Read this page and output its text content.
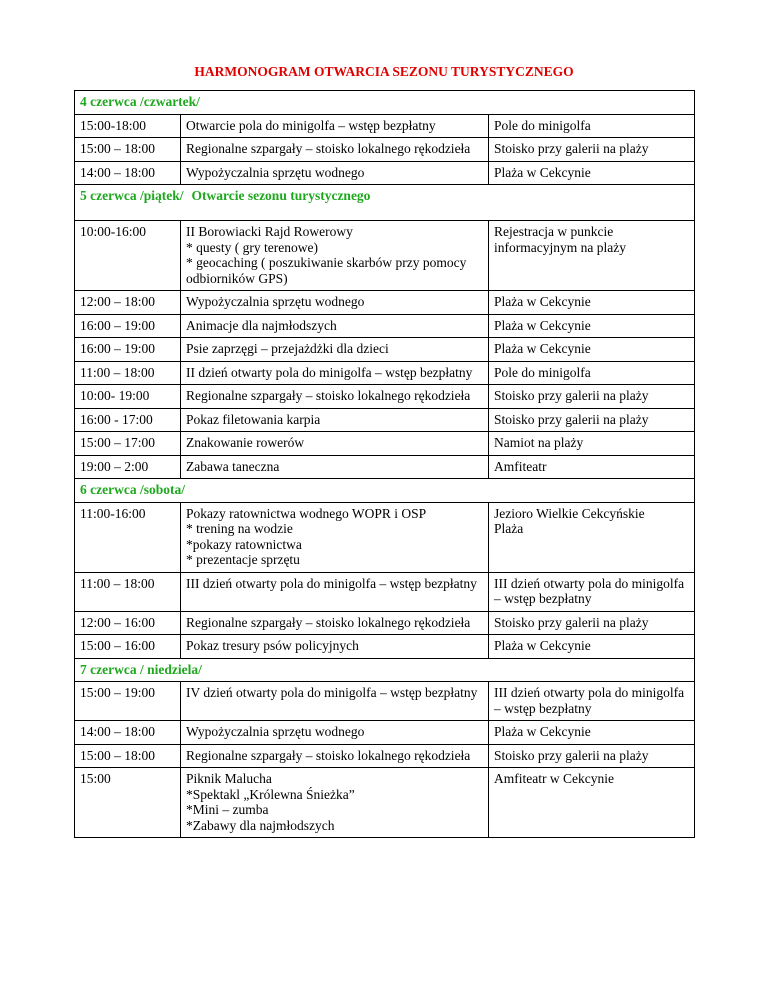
HARMONOGRAM OTWARCIA SEZONU TURYSTYCZNEGO
4 czerwca /czwartek/		
15:00-18:00	Otwarcie pola do minigolfa – wstęp bezpłatny	Pole do minigolfa
15:00 – 18:00	Regionalne szpargały – stoisko lokalnego rękodzieła	Stoisko przy galerii na plaży
14:00 – 18:00	Wypożyczalnia sprzętu wodnego	Plaża w Cekcynie
5 czerwca /piątek/ Otwarcie sezonu turystycznego		
10:00-16:00	II Borowiacki Rajd Rowerowy
* questy ( gry terenowe)
* geocaching ( poszukiwanie skarbów przy pomocy odbiorników GPS)	Rejestracja w punkcie informacyjnym na plaży
12:00 – 18:00	Wypożyczalnia sprzętu wodnego	Plaża w Cekcynie
16:00 – 19:00	Animacje dla najmłodszych	Plaża w Cekcynie
16:00 – 19:00	Psie zaprzęgi – przejażdżki dla dzieci	Plaża w Cekcynie
11:00 – 18:00	II dzień otwarty pola do minigolfa – wstęp bezpłatny	Pole do minigolfa
10:00- 19:00	Regionalne szpargały – stoisko lokalnego rękodzieła	Stoisko przy galerii na plaży
16:00 - 17:00	Pokaz filetowania karpia	Stoisko przy galerii na plaży
15:00 – 17:00	Znakowanie rowerów	Namiot na plaży
19:00 – 2:00	Zabawa taneczna	Amfiteatr
6 czerwca /sobota/		
11:00-16:00	Pokazy ratownictwa wodnego WOPR i OSP
* trening na wodzie
*pokazy ratownictwa
* prezentacje sprzętu	Jezioro Wielkie Cekcyńskie
Plaża
11:00 – 18:00	III dzień otwarty pola do minigolfa – wstęp bezpłatny	III dzień otwarty pola do minigolfa – wstęp bezpłatny
12:00 – 16:00	Regionalne szpargały – stoisko lokalnego rękodzieła	Stoisko przy galerii na plaży
15:00 – 16:00	Pokaz tresury psów policyjnych	Plaża w Cekcynie
7 czerwca / niedziela/		
15:00 – 19:00	IV dzień otwarty pola do minigolfa – wstęp bezpłatny	III dzień otwarty pola do minigolfa – wstęp bezpłatny
14:00 – 18:00	Wypożyczalnia sprzętu wodnego	Plaża w Cekcynie
15:00 – 18:00	Regionalne szpargały – stoisko lokalnego rękodzieła	Stoisko przy galerii na plaży
15:00	Piknik Malucha
*Spektakl „Królewna Śnieżka”
*Mini – zumba
*Zabawy dla najmłodszych	Amfiteatr w Cekcynie
